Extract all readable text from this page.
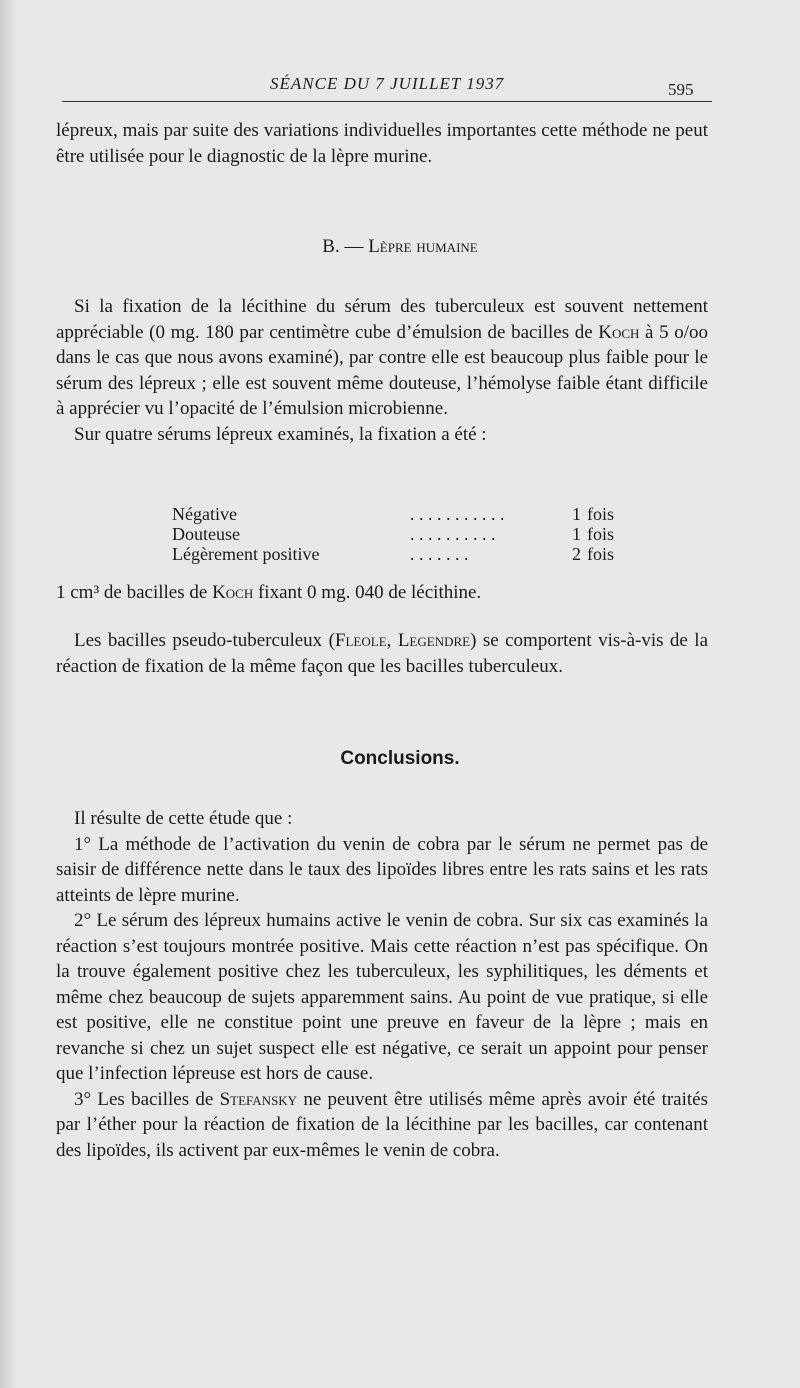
SÉANCE DU 7 JUILLET 1937	595

lépreux, mais par suite des variations individuelles importantes cette méthode ne peut être utilisée pour le diagnostic de la lèpre murine.

B. — Lèpre humaine

Si la fixation de la lécithine du sérum des tuberculeux est souvent nettement appréciable (0 mg. 180 par centimètre cube d’émulsion de bacilles de Koch à 5 o/oo dans le cas que nous avons examiné), par contre elle est beaucoup plus faible pour le sérum des lépreux ; elle est souvent même douteuse, l’hémolyse faible étant difficile à apprécier vu l’opacité de l’émulsion microbienne.

Sur quatre sérums lépreux examinés, la fixation a été :

Négative	. . . . . . . . . . .	1	fois
Douteuse	. . . . . . . . . .	1	fois
Légèrement positive	. . . . . . .	2	fois

1 cm³ de bacilles de Koch fixant 0 mg. 040 de lécithine.

Les bacilles pseudo-tuberculeux (Fleole, Legendre) se comportent vis-à-vis de la réaction de fixation de la même façon que les bacilles tuberculeux.

Conclusions.

Il résulte de cette étude que :

1° La méthode de l’activation du venin de cobra par le sérum ne permet pas de saisir de différence nette dans le taux des lipoïdes libres entre les rats sains et les rats atteints de lèpre murine.

2° Le sérum des lépreux humains active le venin de cobra. Sur six cas examinés la réaction s’est toujours montrée positive. Mais cette réaction n’est pas spécifique. On la trouve également positive chez les tuberculeux, les syphilitiques, les déments et même chez beaucoup de sujets apparemment sains. Au point de vue pratique, si elle est positive, elle ne constitue point une preuve en faveur de la lèpre ; mais en revanche si chez un sujet suspect elle est négative, ce serait un appoint pour penser que l’infection lépreuse est hors de cause.

3° Les bacilles de Stefansky ne peuvent être utilisés même après avoir été traités par l’éther pour la réaction de fixation de la lécithine par les bacilles, car contenant des lipoïdes, ils activent par eux-mêmes le venin de cobra.
